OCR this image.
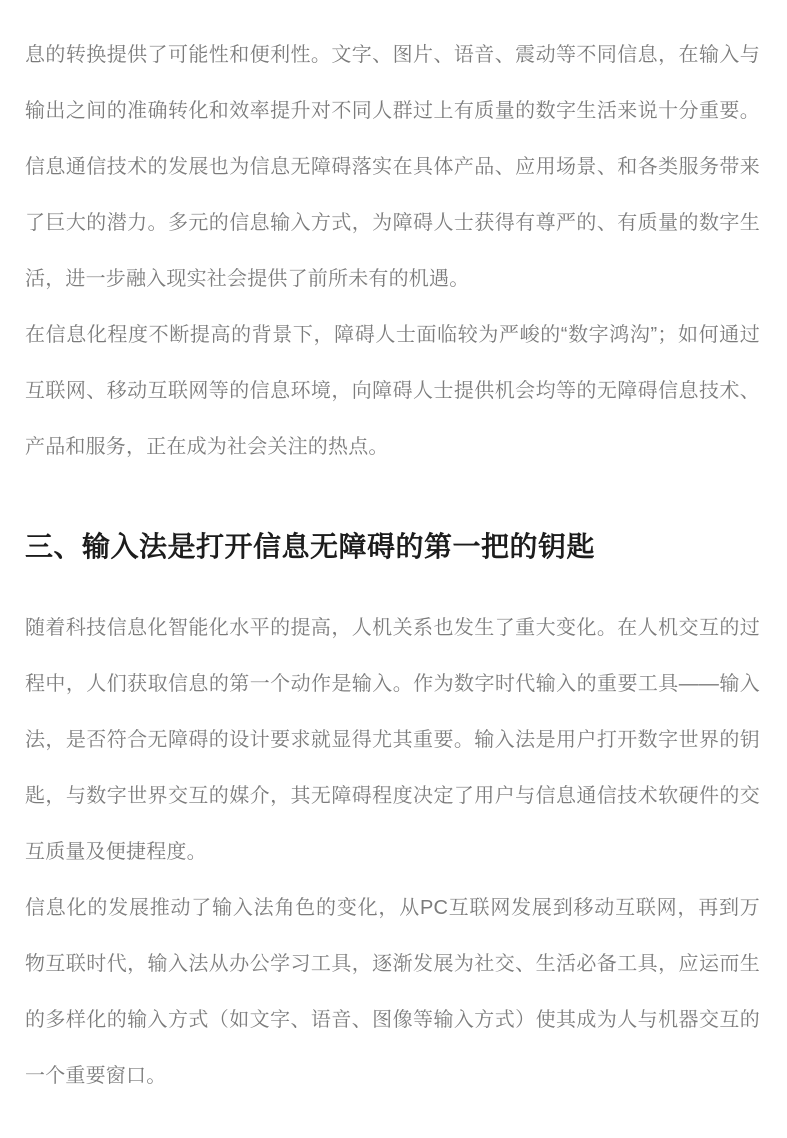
息的转换提供了可能性和便利性。文字、图片、语音、震动等不同信息，在输入与输出之间的准确转化和效率提升对不同人群过上有质量的数字生活来说十分重要。信息通信技术的发展也为信息无障碍落实在具体产品、应用场景、和各类服务带来了巨大的潜力。多元的信息输入方式，为障碍人士获得有尊严的、有质量的数字生活，进一步融入现实社会提供了前所未有的机遇。

在信息化程度不断提高的背景下，障碍人士面临较为严峻的“数字鸿沟”；如何通过互联网、移动互联网等的信息环境，向障碍人士提供机会均等的无障碍信息技术、产品和服务，正在成为社会关注的热点。

三、输入法是打开信息无障碍的第一把的钥匙

随着科技信息化智能化水平的提高，人机关系也发生了重大变化。在人机交互的过程中，人们获取信息的第一个动作是输入。作为数字时代输入的重要工具——输入法，是否符合无障碍的设计要求就显得尤其重要。输入法是用户打开数字世界的钥匙，与数字世界交互的媒介，其无障碍程度决定了用户与信息通信技术软硬件的交互质量及便捷程度。

信息化的发展推动了输入法角色的变化，从PC互联网发展到移动互联网，再到万物互联时代，输入法从办公学习工具，逐渐发展为社交、生活必备工具，应运而生的多样化的输入方式（如文字、语音、图像等输入方式）使其成为人与机器交互的一个重要窗口。
